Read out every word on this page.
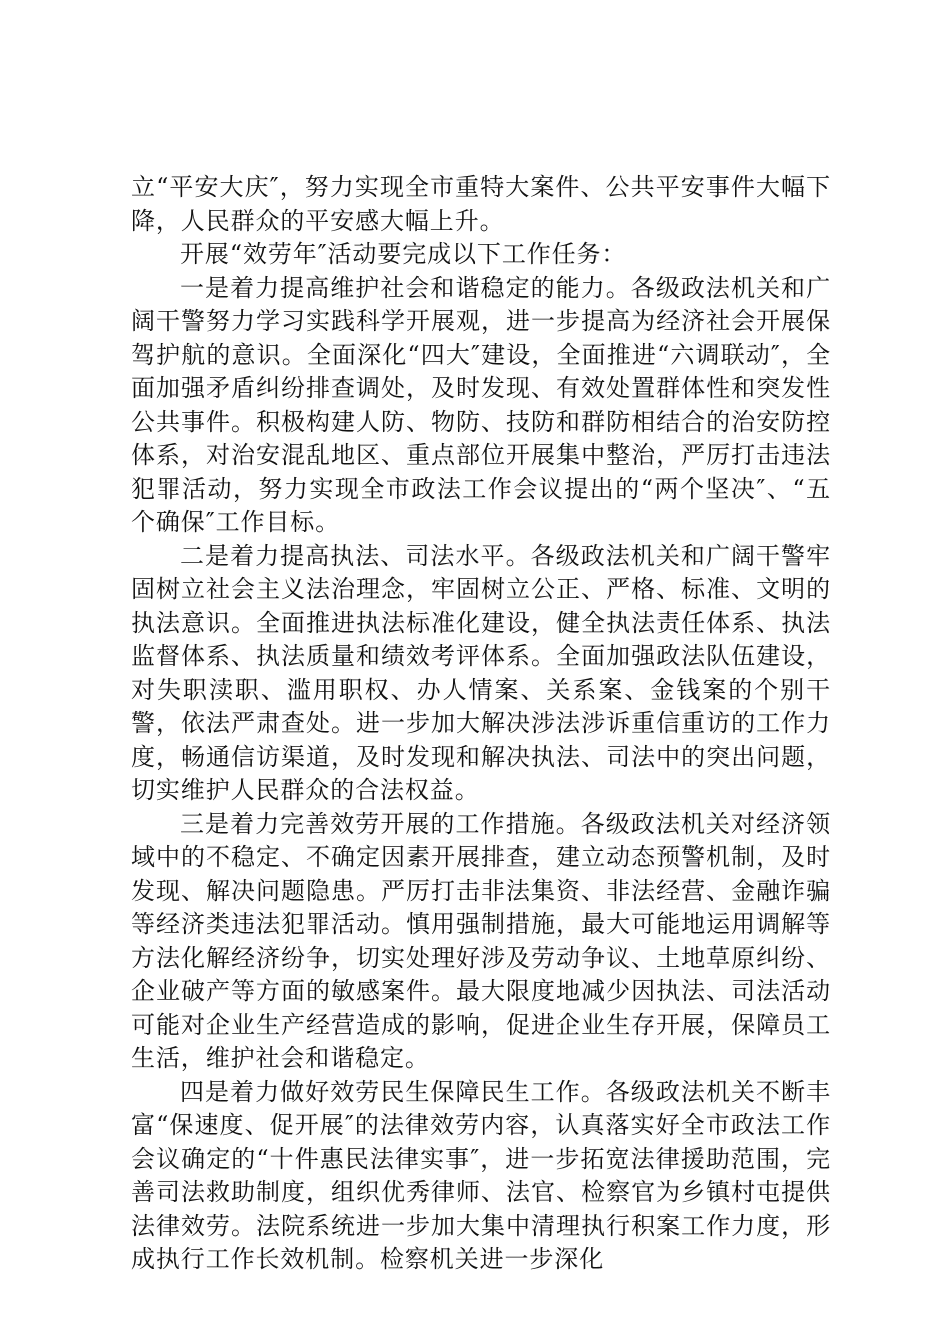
立“平安大庆″，努力实现全市重特大案件、公共平安事件大幅下降，人民群众的平安感大幅上升。

开展“效劳年″活动要完成以下工作任务：

一是着力提高维护社会和谐稳定的能力。各级政法机关和广阔干警努力学习实践科学开展观，进一步提高为经济社会开展保驾护航的意识。全面深化“四大″建设，全面推进“六调联动″，全面加强矛盾纠纷排查调处，及时发现、有效处置群体性和突发性公共事件。积极构建人防、物防、技防和群防相结合的治安防控体系，对治安混乱地区、重点部位开展集中整治，严厉打击违法犯罪活动，努力实现全市政法工作会议提出的“两个坚决″、“五个确保″工作目标。

二是着力提高执法、司法水平。各级政法机关和广阔干警牢固树立社会主义法治理念，牢固树立公正、严格、标准、文明的执法意识。全面推进执法标准化建设，健全执法责任体系、执法监督体系、执法质量和绩效考评体系。全面加强政法队伍建设，对失职渎职、滥用职权、办人情案、关系案、金钱案的个别干警，依法严肃查处。进一步加大解决涉法涉诉重信重访的工作力度，畅通信访渠道，及时发现和解决执法、司法中的突出问题，切实维护人民群众的合法权益。

三是着力完善效劳开展的工作措施。各级政法机关对经济领域中的不稳定、不确定因素开展排查，建立动态预警机制，及时发现、解决问题隐患。严厉打击非法集资、非法经营、金融诈骗等经济类违法犯罪活动。慎用强制措施，最大可能地运用调解等方法化解经济纷争，切实处理好涉及劳动争议、土地草原纠纷、企业破产等方面的敏感案件。最大限度地减少因执法、司法活动可能对企业生产经营造成的影响，促进企业生存开展，保障员工生活，维护社会和谐稳定。

四是着力做好效劳民生保障民生工作。各级政法机关不断丰富“保速度、促开展″的法律效劳内容，认真落实好全市政法工作会议确定的“十件惠民法律实事″，进一步拓宽法律援助范围，完善司法救助制度，组织优秀律师、法官、检察官为乡镇村屯提供法律效劳。法院系统进一步加大集中清理执行积案工作力度，形成执行工作长效机制。检察机关进一步深化
